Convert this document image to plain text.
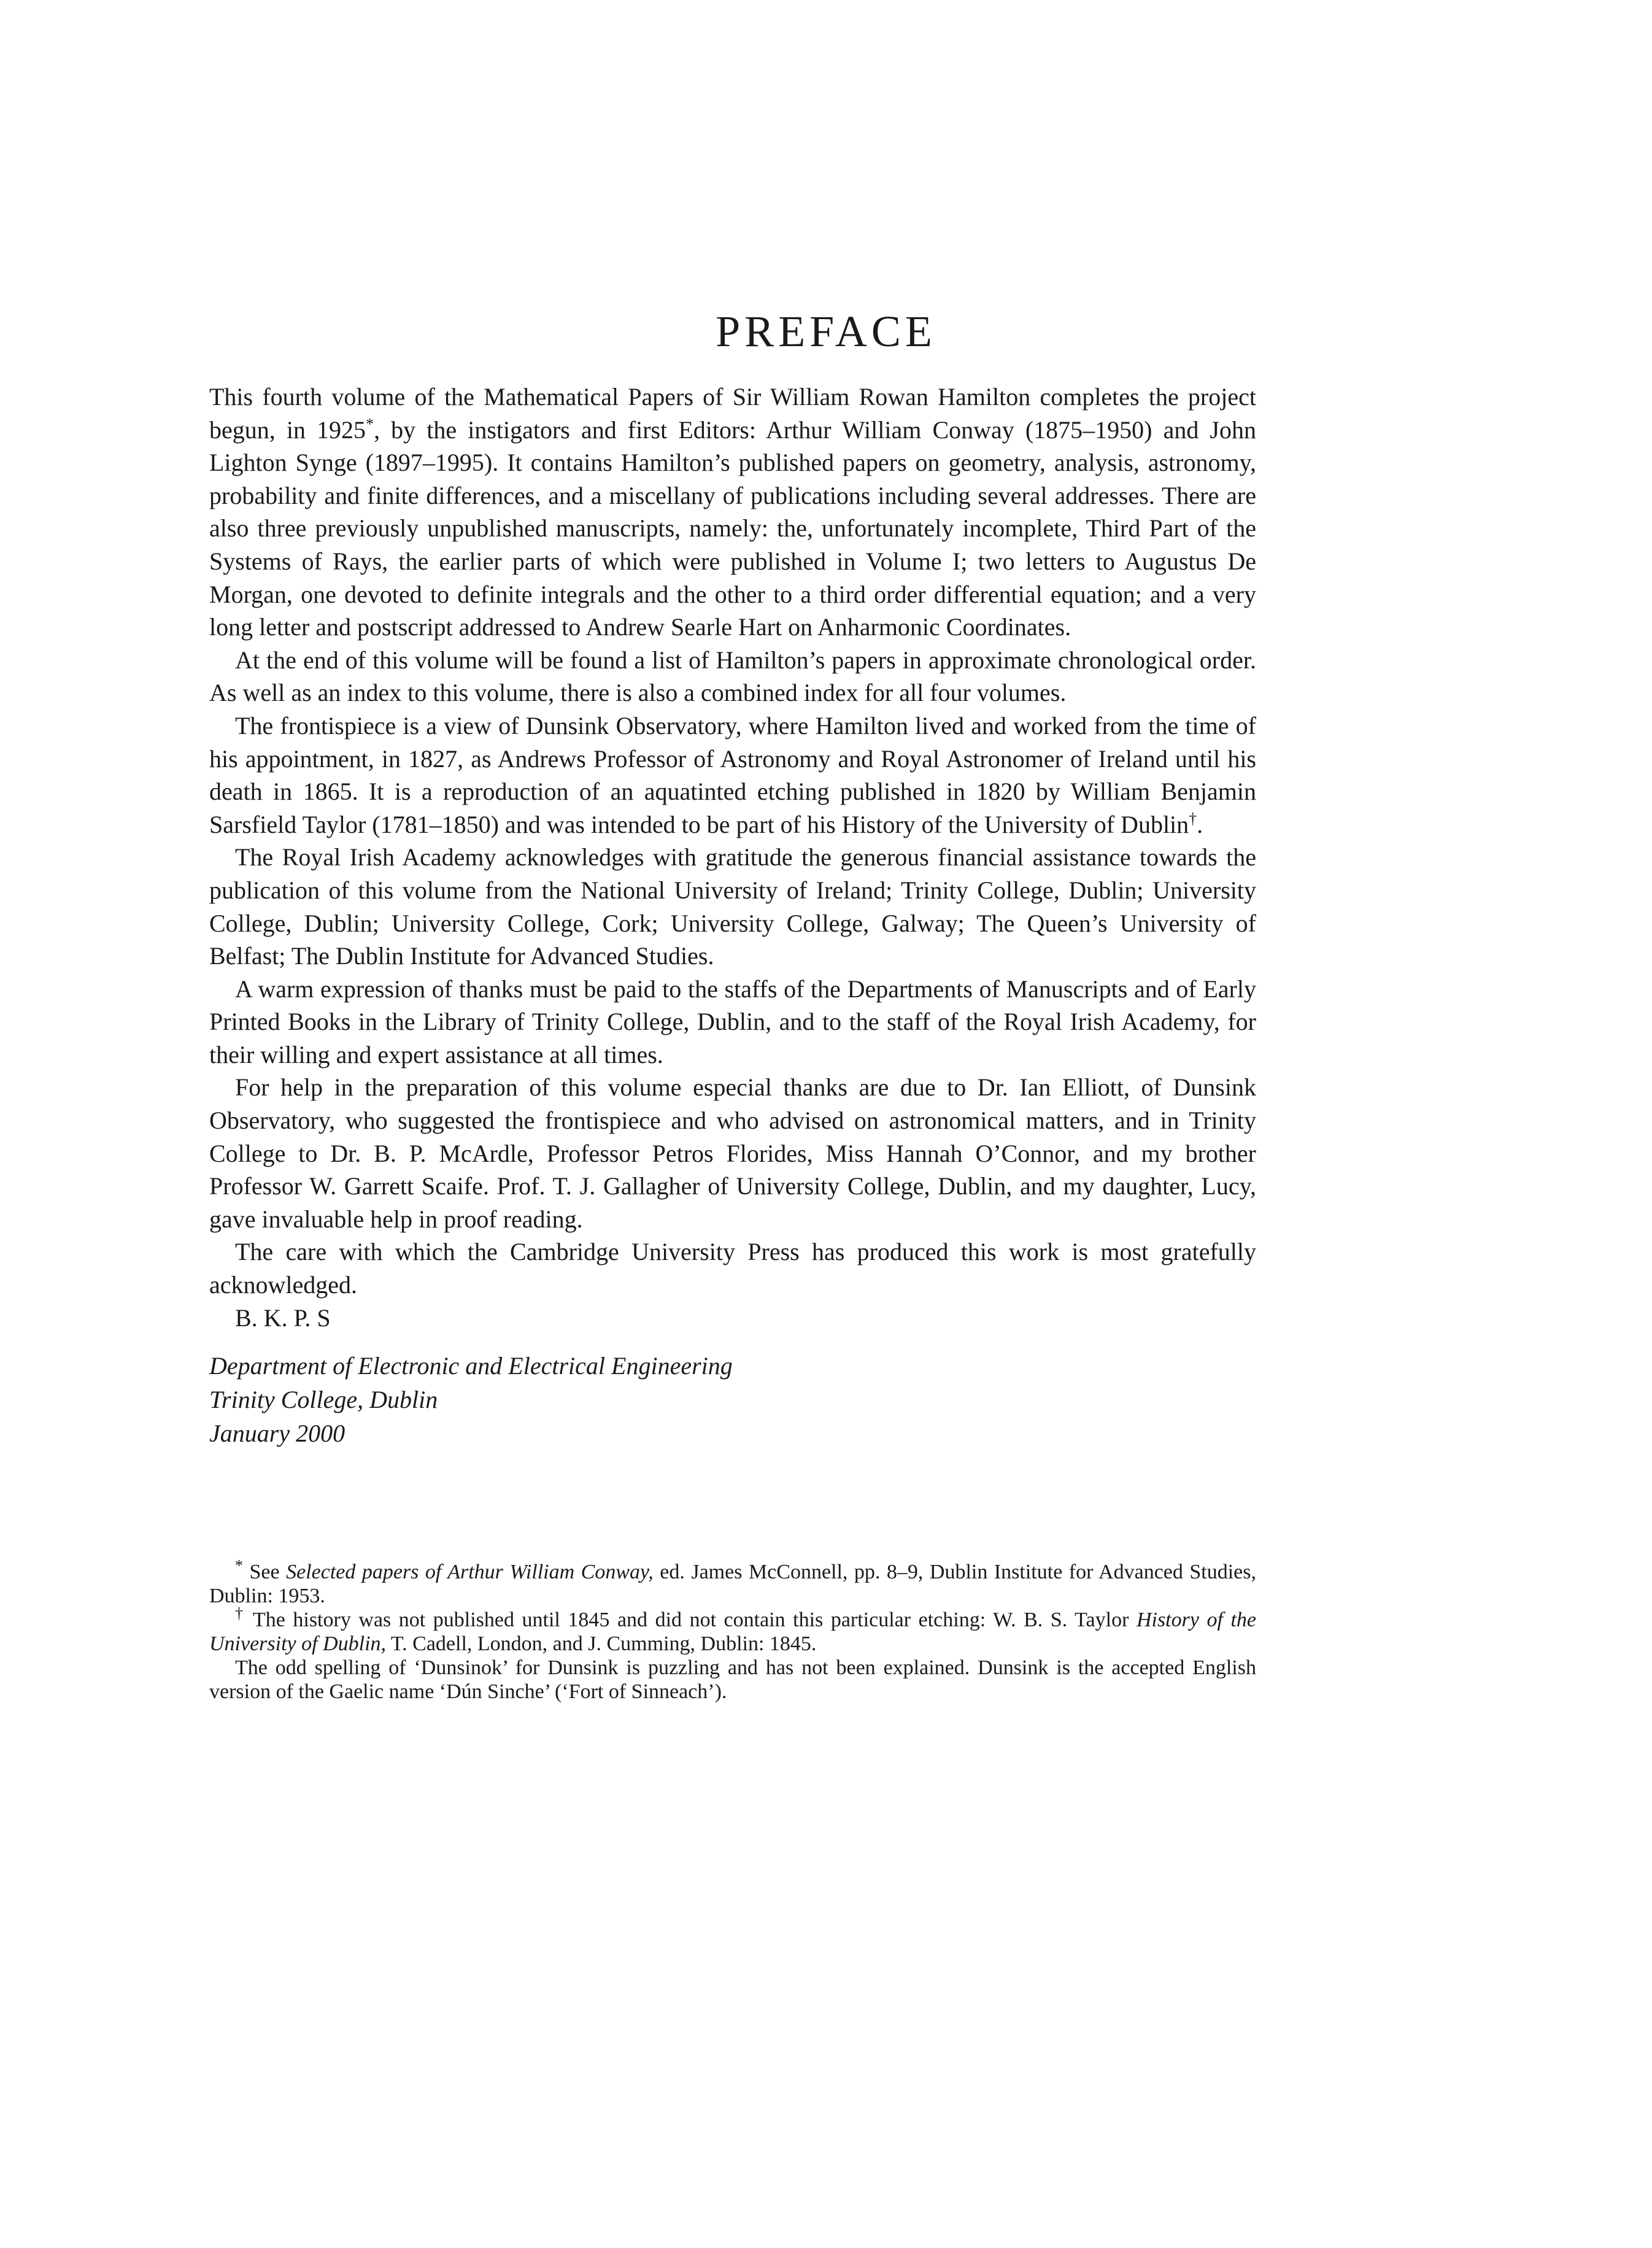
PREFACE

This fourth volume of the Mathematical Papers of Sir William Rowan Hamilton completes the project begun, in 1925*, by the instigators and first Editors: Arthur William Conway (1875–1950) and John Lighton Synge (1897–1995). It contains Hamilton’s published papers on geometry, analysis, astronomy, probability and finite differences, and a miscellany of publications including several addresses. There are also three previously unpublished manuscripts, namely: the, unfortunately incomplete, Third Part of the Systems of Rays, the earlier parts of which were published in Volume I; two letters to Augustus De Morgan, one devoted to definite integrals and the other to a third order differential equation; and a very long letter and postscript addressed to Andrew Searle Hart on Anharmonic Coordinates.

At the end of this volume will be found a list of Hamilton’s papers in approximate chronological order. As well as an index to this volume, there is also a combined index for all four volumes.

The frontispiece is a view of Dunsink Observatory, where Hamilton lived and worked from the time of his appointment, in 1827, as Andrews Professor of Astronomy and Royal Astronomer of Ireland until his death in 1865. It is a reproduction of an aquatinted etching published in 1820 by William Benjamin Sarsfield Taylor (1781–1850) and was intended to be part of his History of the University of Dublin†.

The Royal Irish Academy acknowledges with gratitude the generous financial assistance towards the publication of this volume from the National University of Ireland; Trinity College, Dublin; University College, Dublin; University College, Cork; University College, Galway; The Queen’s University of Belfast; The Dublin Institute for Advanced Studies.

A warm expression of thanks must be paid to the staffs of the Departments of Manuscripts and of Early Printed Books in the Library of Trinity College, Dublin, and to the staff of the Royal Irish Academy, for their willing and expert assistance at all times.

For help in the preparation of this volume especial thanks are due to Dr. Ian Elliott, of Dunsink Observatory, who suggested the frontispiece and who advised on astronomical matters, and in Trinity College to Dr. B. P. McArdle, Professor Petros Florides, Miss Hannah O’Connor, and my brother Professor W. Garrett Scaife. Prof. T. J. Gallagher of University College, Dublin, and my daughter, Lucy, gave invaluable help in proof reading.

The care with which the Cambridge University Press has produced this work is most gratefully acknowledged.

B. K. P. S

Department of Electronic and Electrical Engineering
Trinity College, Dublin
January 2000

* See Selected papers of Arthur William Conway, ed. James McConnell, pp. 8–9, Dublin Institute for Advanced Studies, Dublin: 1953.

† The history was not published until 1845 and did not contain this particular etching: W. B. S. Taylor History of the University of Dublin, T. Cadell, London, and J. Cumming, Dublin: 1845.

The odd spelling of ‘Dunsinok’ for Dunsink is puzzling and has not been explained. Dunsink is the accepted English version of the Gaelic name ‘Dún Sinche’ (‘Fort of Sinneach’).
